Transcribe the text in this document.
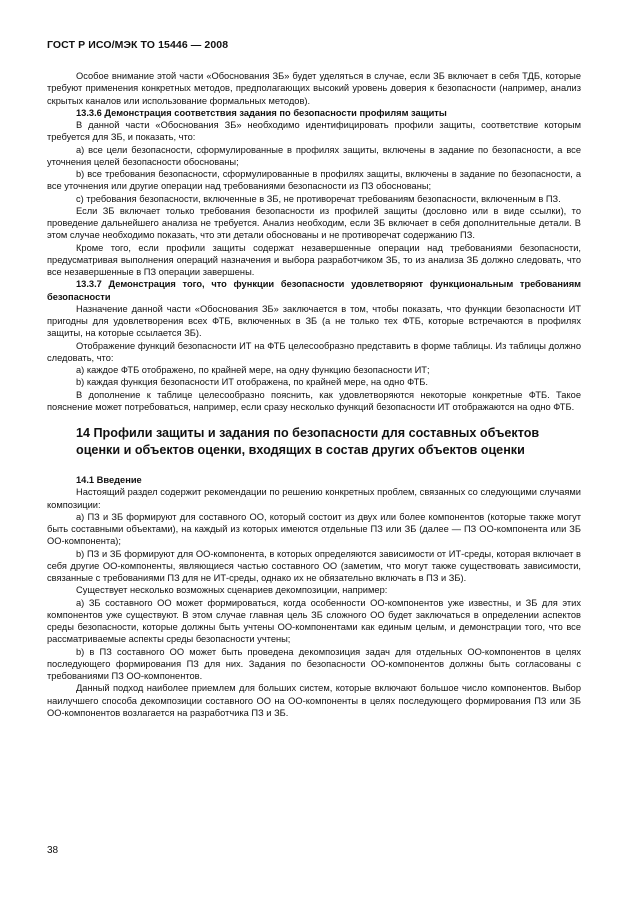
ГОСТ Р ИСО/МЭК ТО 15446 — 2008

Особое внимание этой части «Обоснования ЗБ» будет уделяться в случае, если ЗБ включает в себя ТДБ, которые требуют применения конкретных методов, предполагающих высокий уровень доверия к безопасности (например, анализ скрытых каналов или использование формальных методов).

13.3.6 Демонстрация соответствия задания по безопасности профилям защиты

В данной части «Обоснования ЗБ» необходимо идентифицировать профили защиты, соответствие которым требуется для ЗБ, и показать, что:

a) все цели безопасности, сформулированные в профилях защиты, включены в задание по безопасности, а все уточнения целей безопасности обоснованы;

b) все требования безопасности, сформулированные в профилях защиты, включены в задание по безопасности, а все уточнения или другие операции над требованиями безопасности из ПЗ обоснованы;

c) требования безопасности, включенные в ЗБ, не противоречат требованиям безопасности, включенным в ПЗ.

Если ЗБ включает только требования безопасности из профилей защиты (дословно или в виде ссылки), то проведение дальнейшего анализа не требуется. Анализ необходим, если ЗБ включает в себя дополнительные детали. В этом случае необходимо показать, что эти детали обоснованы и не противоречат содержанию ПЗ.

Кроме того, если профили защиты содержат незавершенные операции над требованиями безопасности, предусматривая выполнения операций назначения и выбора разработчиком ЗБ, то из анализа ЗБ должно следовать, что все незавершенные в ПЗ операции завершены.

13.3.7 Демонстрация того, что функции безопасности удовлетворяют функциональным требованиям безопасности

Назначение данной части «Обоснования ЗБ» заключается в том, чтобы показать, что функции безопасности ИТ пригодны для удовлетворения всех ФТБ, включенных в ЗБ (а не только тех ФТБ, которые встречаются в профилях защиты, на которые ссылается ЗБ).

Отображение функций безопасности ИТ на ФТБ целесообразно представить в форме таблицы. Из таблицы должно следовать, что:

a) каждое ФТБ отображено, по крайней мере, на одну функцию безопасности ИТ;

b) каждая функция безопасности ИТ отображена, по крайней мере, на одно ФТБ.

В дополнение к таблице целесообразно пояснить, как удовлетворяются некоторые конкретные ФТБ. Такое пояснение может потребоваться, например, если сразу несколько функций безопасности ИТ отображаются на одно ФТБ.

14 Профили защиты и задания по безопасности для составных объектов оценки и объектов оценки, входящих в состав других объектов оценки

14.1 Введение

Настоящий раздел содержит рекомендации по решению конкретных проблем, связанных со следующими случаями композиции:

a) ПЗ и ЗБ формируют для составного ОО, который состоит из двух или более компонентов (которые также могут быть составными объектами), на каждый из которых имеются отдельные ПЗ или ЗБ (далее — ПЗ ОО-компонента или ЗБ ОО-компонента);

b) ПЗ и ЗБ формируют для ОО-компонента, в которых определяются зависимости от ИТ-среды, которая включает в себя другие ОО-компоненты, являющиеся частью составного ОО (заметим, что могут также существовать зависимости, связанные с требованиями ПЗ для не ИТ-среды, однако их не обязательно включать в ПЗ и ЗБ).

Существует несколько возможных сценариев декомпозиции, например:

a) ЗБ составного ОО может формироваться, когда особенности ОО-компонентов уже известны, и ЗБ для этих компонентов уже существуют. В этом случае главная цель ЗБ сложного ОО будет заключаться в определении аспектов среды безопасности, которые должны быть учтены ОО-компонентами как единым целым, и демонстрации того, что все рассматриваемые аспекты среды безопасности учтены;

b) в ПЗ составного ОО может быть проведена декомпозиция задач для отдельных ОО-компонентов в целях последующего формирования ПЗ для них. Задания по безопасности ОО-компонентов должны быть согласованы с требованиями ПЗ ОО-компонентов.

Данный подход наиболее приемлем для больших систем, которые включают большое число компонентов. Выбор наилучшего способа декомпозиции составного ОО на ОО-компоненты в целях последующего формирования ПЗ или ЗБ ОО-компонентов возлагается на разработчика ПЗ и ЗБ.

38
